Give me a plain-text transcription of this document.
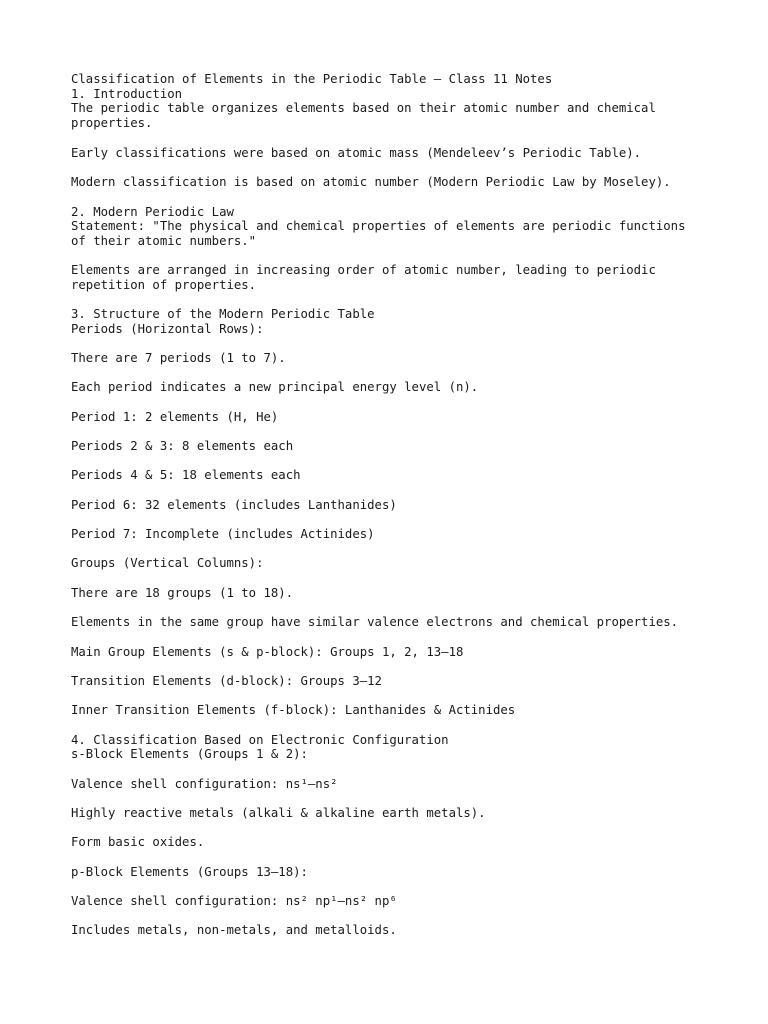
Classification of Elements in the Periodic Table – Class 11 Notes

1. Introduction

The periodic table organizes elements based on their atomic number and chemical

properties.

Early classifications were based on atomic mass (Mendeleev’s Periodic Table).

Modern classification is based on atomic number (Modern Periodic Law by Moseley).

2. Modern Periodic Law

Statement: "The physical and chemical properties of elements are periodic functions

of their atomic numbers."

Elements are arranged in increasing order of atomic number, leading to periodic

repetition of properties.

3. Structure of the Modern Periodic Table

Periods (Horizontal Rows):

There are 7 periods (1 to 7).

Each period indicates a new principal energy level (n).

Period 1: 2 elements (H, He)

Periods 2 & 3: 8 elements each

Periods 4 & 5: 18 elements each

Period 6: 32 elements (includes Lanthanides)

Period 7: Incomplete (includes Actinides)

Groups (Vertical Columns):

There are 18 groups (1 to 18).

Elements in the same group have similar valence electrons and chemical properties.

Main Group Elements (s & p-block): Groups 1, 2, 13–18

Transition Elements (d-block): Groups 3–12

Inner Transition Elements (f-block): Lanthanides & Actinides

4. Classification Based on Electronic Configuration

s-Block Elements (Groups 1 & 2):

Valence shell configuration: ns¹–ns²

Highly reactive metals (alkali & alkaline earth metals).

Form basic oxides.

p-Block Elements (Groups 13–18):

Valence shell configuration: ns² np¹–ns² np⁶

Includes metals, non-metals, and metalloids.
